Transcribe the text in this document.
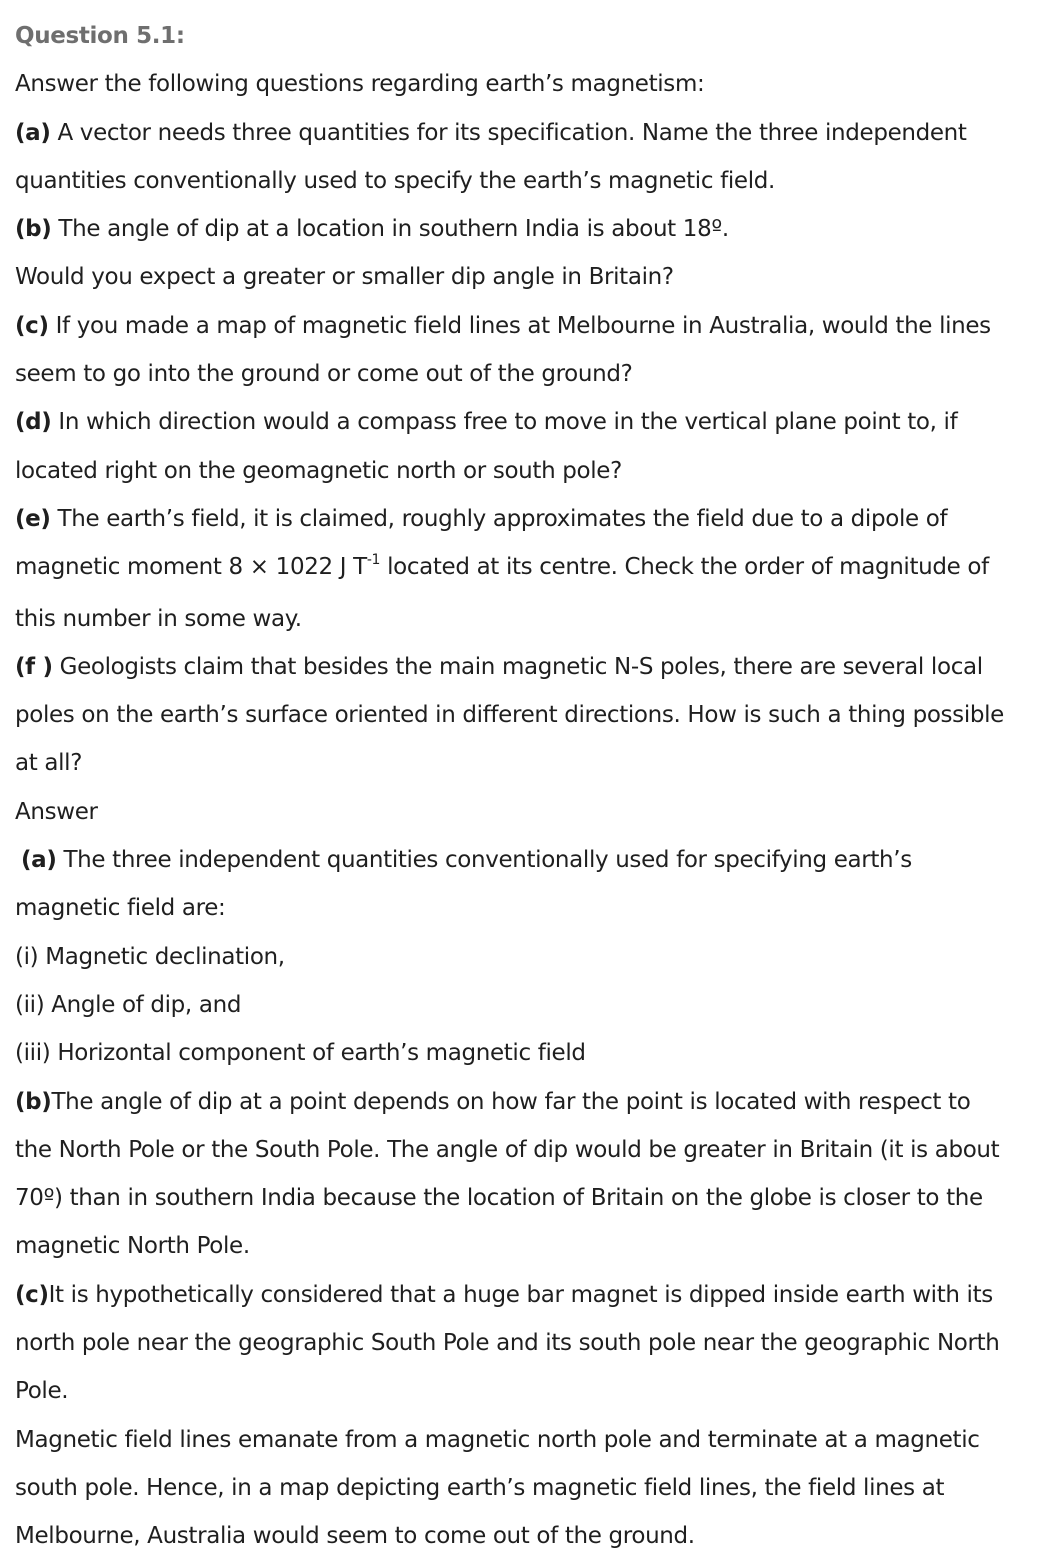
Question 5.1:
Answer the following questions regarding earth’s magnetism:
(a) A vector needs three quantities for its specification. Name the three independent
quantities conventionally used to specify the earth’s magnetic field.
(b) The angle of dip at a location in southern India is about 18º.
Would you expect a greater or smaller dip angle in Britain?
(c) If you made a map of magnetic field lines at Melbourne in Australia, would the lines
seem to go into the ground or come out of the ground?
(d) In which direction would a compass free to move in the vertical plane point to, if
located right on the geomagnetic north or south pole?
(e) The earth’s field, it is claimed, roughly approximates the field due to a dipole of
magnetic moment 8 × 1022 J $T^{-1}$ located at its centre. Check the order of magnitude of
this number in some way.
(f ) Geologists claim that besides the main magnetic N-S poles, there are several local
poles on the earth’s surface oriented in different directions. How is such a thing possible
at all?
Answer
(a) The three independent quantities conventionally used for specifying earth’s
magnetic field are:
(i) Magnetic declination,
(ii) Angle of dip, and
(iii) Horizontal component of earth’s magnetic field
(b)The angle of dip at a point depends on how far the point is located with respect to
the North Pole or the South Pole. The angle of dip would be greater in Britain (it is about
70º) than in southern India because the location of Britain on the globe is closer to the
magnetic North Pole.
(c)It is hypothetically considered that a huge bar magnet is dipped inside earth with its
north pole near the geographic South Pole and its south pole near the geographic North
Pole.
Magnetic field lines emanate from a magnetic north pole and terminate at a magnetic
south pole. Hence, in a map depicting earth’s magnetic field lines, the field lines at
Melbourne, Australia would seem to come out of the ground.
